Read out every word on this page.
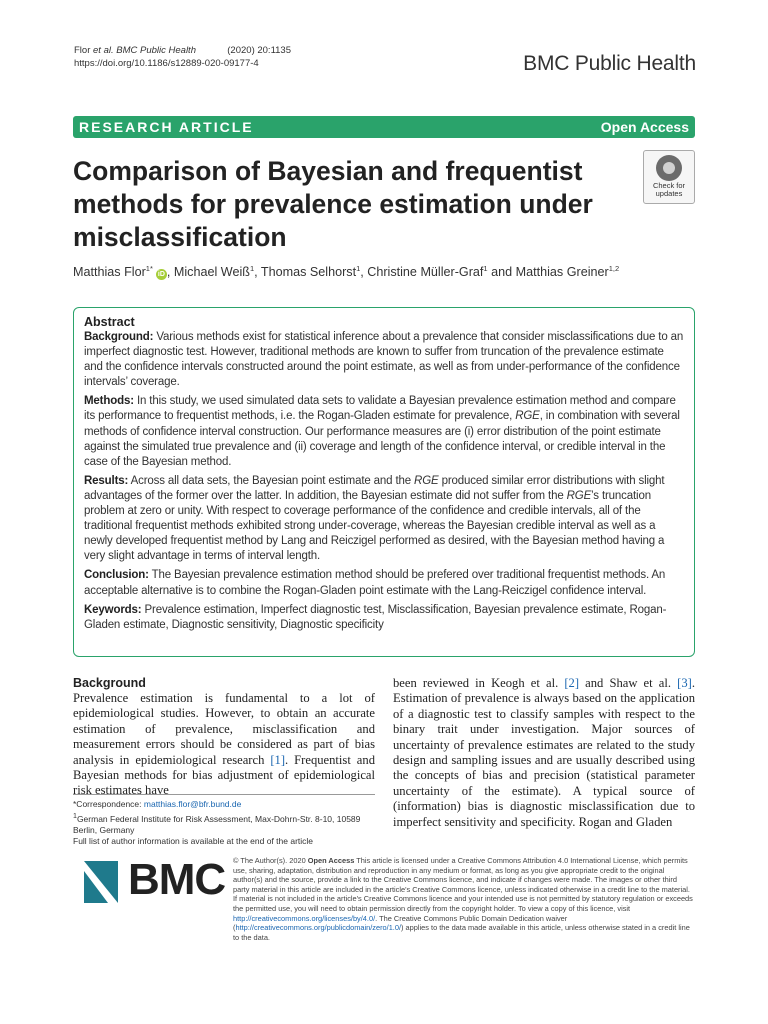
Flor et al. BMC Public Health	(2020) 20:1135
https://doi.org/10.1186/s12889-020-09177-4	BMC Public Health
RESEARCH ARTICLE	Open Access
Comparison of Bayesian and frequentist methods for prevalence estimation under misclassification
Check for
updates
Matthias Flor$^{1*}$iD , Michael Weiß$^1$, Thomas Selhorst$^1$, Christine Müller-Graf$^1$ and Matthias Greiner$^{1,2}$
Abstract

Background: Various methods exist for statistical inference about a prevalence that consider misclassifications due to an imperfect diagnostic test. However, traditional methods are known to suffer from truncation of the prevalence estimate and the confidence intervals constructed around the point estimate, as well as from under-performance of the confidence intervals’ coverage.

Methods: In this study, we used simulated data sets to validate a Bayesian prevalence estimation method and compare its performance to frequentist methods, i.e. the Rogan-Gladen estimate for prevalence, RGE, in combination with several methods of confidence interval construction. Our performance measures are (i) error distribution of the point estimate against the simulated true prevalence and (ii) coverage and length of the confidence interval, or credible interval in the case of the Bayesian method.

Results: Across all data sets, the Bayesian point estimate and the RGE produced similar error distributions with slight advantages of the former over the latter. In addition, the Bayesian estimate did not suffer from the RGE’s truncation problem at zero or unity. With respect to coverage performance of the confidence and credible intervals, all of the traditional frequentist methods exhibited strong under-coverage, whereas the Bayesian credible interval as well as a newly developed frequentist method by Lang and Reiczigel performed as desired, with the Bayesian method having a very slight advantage in terms of interval length.

Conclusion: The Bayesian prevalence estimation method should be prefered over traditional frequentist methods. An acceptable alternative is to combine the Rogan-Gladen point estimate with the Lang-Reiczigel confidence interval.

Keywords: Prevalence estimation, Imperfect diagnostic test, Misclassification, Bayesian prevalence estimate, Rogan-Gladen estimate, Diagnostic sensitivity, Diagnostic specificity

Background
Prevalence estimation is fundamental to a lot of epidemiological studies. However, to obtain an accurate estimation of prevalence, misclassification and measurement errors should be considered as part of bias analysis in epidemiological research [1]. Frequentist and Bayesian methods for bias adjustment of epidemiological risk estimates have
been reviewed in Keogh et al. [2] and Shaw et al. [3]. Estimation of prevalence is always based on the application of a diagnostic test to classify samples with respect to the binary trait under investigation. Major sources of uncertainty of prevalence estimates are related to the study design and sampling issues and are usually described using the concepts of bias and precision (statistical parameter uncertainty of the estimate). A typical source of (information) bias is diagnostic misclassification due to imperfect sensitivity and specificity. Rogan and Gladen
*Correspondence: matthias.flor@bfr.bund.de
$^1$German Federal Institute for Risk Assessment, Max-Dohrn-Str. 8-10, 10589 Berlin, Germany
Full list of author information is available at the end of the article
BMC © The Author(s). 2020 Open Access This article is licensed under a Creative Commons Attribution 4.0 International License, which permits use, sharing, adaptation, distribution and reproduction in any medium or format, as long as you give appropriate credit to the original author(s) and the source, provide a link to the Creative Commons licence, and indicate if changes were made. The images or other third party material in this article are included in the article's Creative Commons licence, unless indicated otherwise in a credit line to the material. If material is not included in the article's Creative Commons licence and your intended use is not permitted by statutory regulation or exceeds the permitted use, you will need to obtain permission directly from the copyright holder. To view a copy of this licence, visit http://creativecommons.org/licenses/by/4.0/. The Creative Commons Public Domain Dedication waiver (http://creativecommons.org/publicdomain/zero/1.0/) applies to the data made available in this article, unless otherwise stated in a credit line to the data.
